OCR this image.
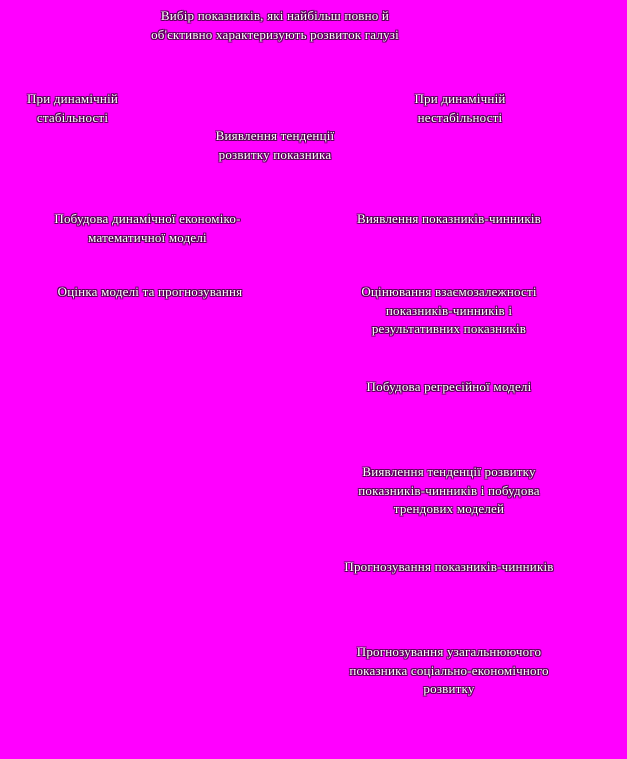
Вибір показників, які найбільш повно й
об'єктивно характеризують розвиток галузі
При динамічній
стабільності
При динамічній
нестабільності
Виявлення тенденції
розвитку показника
Побудова динамічної економіко-
математичної моделі
Виявлення показників-чинників
Оцінка моделі та прогнозування	Оцінювання взаємозалежності
показників-чинників і
результативних показників
Побудова регресійної моделі
Виявлення тенденції розвитку
показників-чинників і побудова
трендових моделей
Прогнозування показників-чинників
Прогнозування узагальнюючого
показника соціально-економічного
розвитку
